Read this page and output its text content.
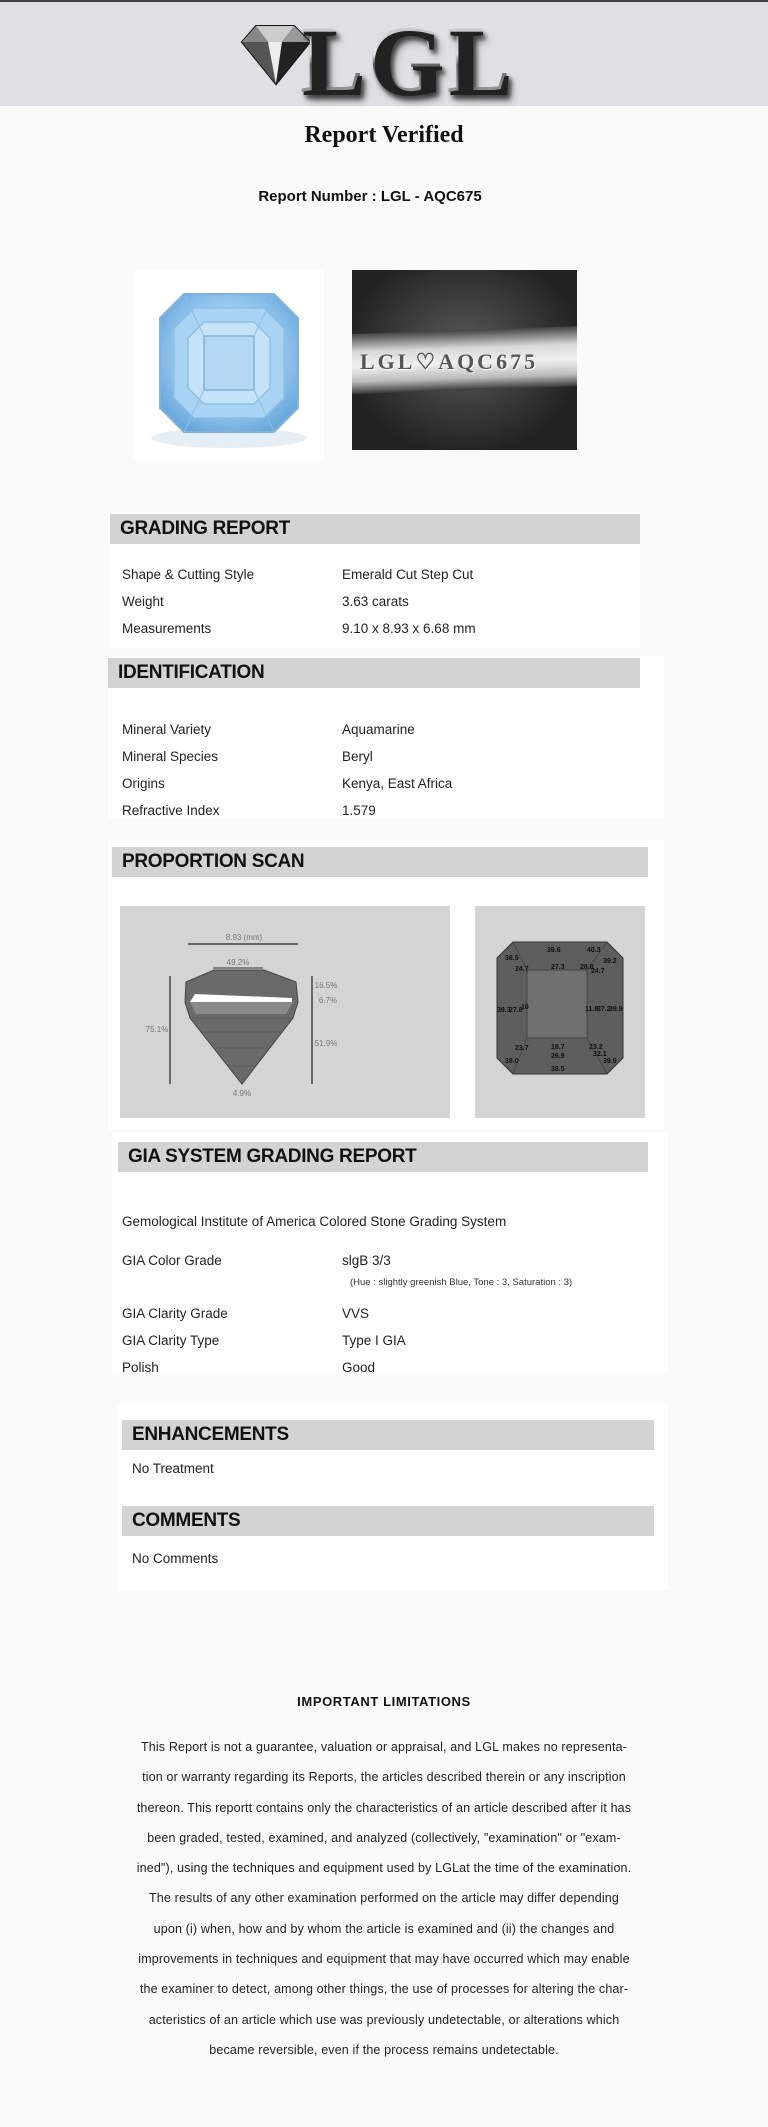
LGL
Report Verified
Report Number : LGL - AQC675
LGL♡AQC675
GRADING REPORT
Shape & Cutting Style	Emerald Cut Step Cut
Weight	3.63 carats
Measurements	9.10 x 8.93 x 6.68 mm
IDENTIFICATION
Mineral Variety	Aquamarine
Mineral Species	Beryl
Origins	Kenya, East Africa
Refractive Index	1.579
PROPORTION SCAN
8.93 (mm)
49.2%
75.1%
16.5%
6.7%
51.9%
4.9%
38.5
39.6	40.3
39.2
24.7	27.3 28.8
24.7
39.3
27.8
10	11.8
37.2
39.9
23.7	18.7	23.2
32.1
39.9
26.9
38.0
38.5
GIA SYSTEM GRADING REPORT
Gemological Institute of America Colored Stone Grading System
GIA Color Grade	slgB 3/3
(Hue : slightly greenish Blue, Tone : 3, Saturation : 3)
GIA Clarity Grade	VVS
GIA Clarity Type	Type I GIA
Polish	Good
ENHANCEMENTS
No Treatment
COMMENTS
No Comments
IMPORTANT LIMITATIONS
This Report is not a guarantee, valuation or appraisal, and LGL makes no representa-
tion or warranty regarding its Reports, the articles described therein or any inscription
thereon. This reportt contains only the characteristics of an article described after it has
been graded, tested, examined, and analyzed (collectively, "examination" or "exam-
ined"), using the techniques and equipment used by LGLat the time of the examination.
The results of any other examination performed on the article may differ depending
upon (i) when, how and by whom the article is examined and (ii) the changes and
improvements in techniques and equipment that may have occurred which may enable
the examiner to detect, among other things, the use of processes for altering the char-
acteristics of an article which use was previously undetectable, or alterations which
became reversible, even if the process remains undetectable.
